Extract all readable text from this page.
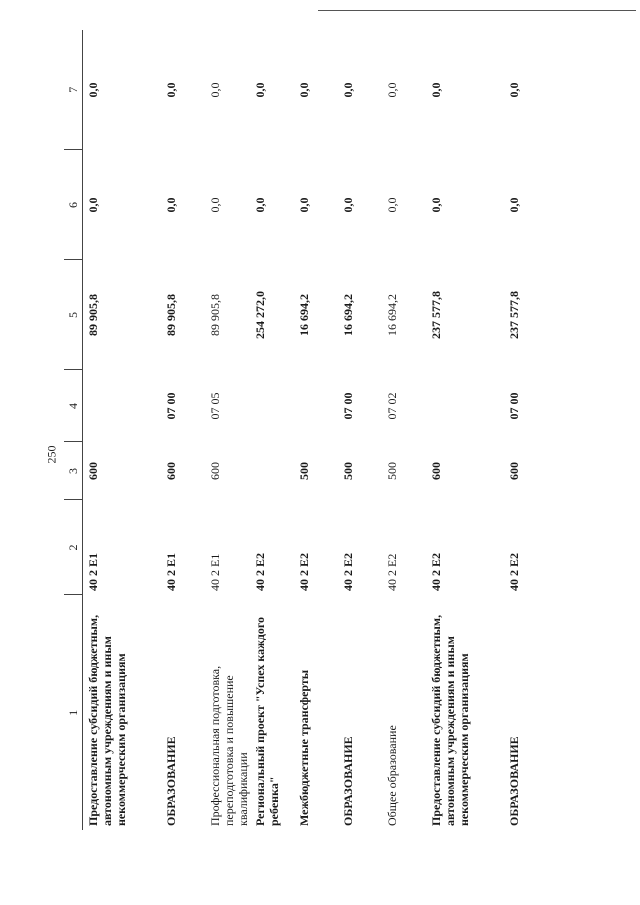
250
1	2	3	4	5	6	7
Предоставление субсидий бюджетным, автономным учреждениям и иным некоммерческим организациям	40 2 E1	600		89 905,8	0,0	0,0
ОБРАЗОВАНИЕ	40 2 E1	600	07 00	89 905,8	0,0	0,0
Профессиональная подготовка, переподготовка и повышение квалификации	40 2 E1	600	07 05	89 905,8	0,0	0,0
Региональный проект "Успех каждого ребенка"	40 2 E2			254 272,0	0,0	0,0
Межбюджетные трансферты	40 2 E2	500		16 694,2	0,0	0,0
ОБРАЗОВАНИЕ	40 2 E2	500	07 00	16 694,2	0,0	0,0
Общее образование	40 2 E2	500	07 02	16 694,2	0,0	0,0
Предоставление субсидий бюджетным, автономным учреждениям и иным некоммерческим организациям	40 2 E2	600		237 577,8	0,0	0,0
ОБРАЗОВАНИЕ	40 2 E2	600	07 00	237 577,8	0,0	0,0
